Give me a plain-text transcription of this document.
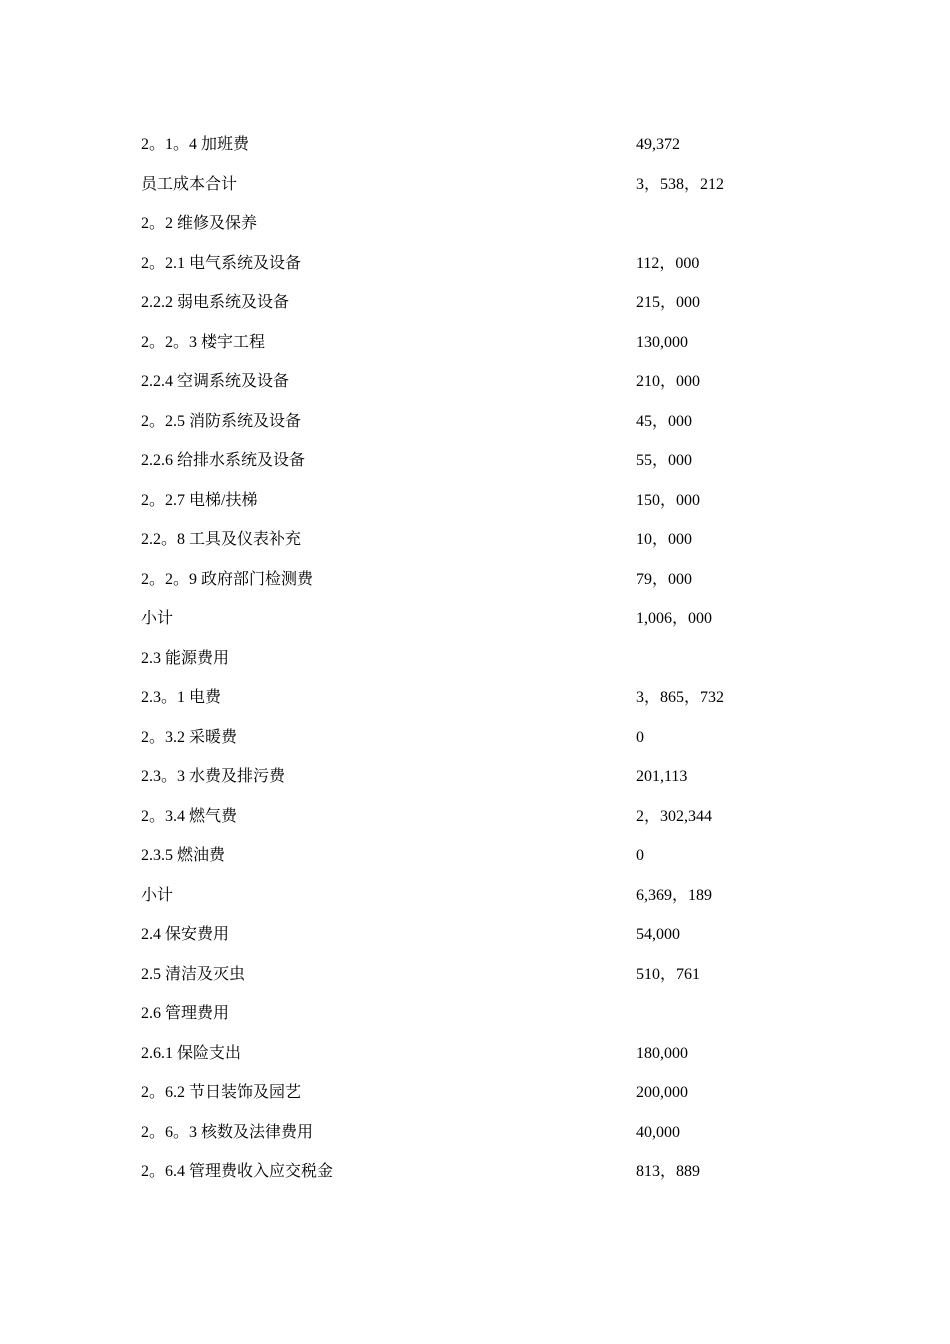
2。1。4 加班费	49,372
员工成本合计	3，538，212
2。2 维修及保养
2。2.1 电气系统及设备	112，000
2.2.2 弱电系统及设备	215，000
2。2。3 楼宇工程	130,000
2.2.4 空调系统及设备	210，000
2。2.5 消防系统及设备	45，000
2.2.6 给排水系统及设备	55，000
2。2.7 电梯/扶梯	150，000
2.2。8 工具及仪表补充	10，000
2。2。9 政府部门检测费	79，000
小计	1,006，000
2.3 能源费用
2.3。1 电费	3，865，732
2。3.2 采暖费	0
2.3。3 水费及排污费	201,113
2。3.4 燃气费	2，302,344
2.3.5 燃油费	0
小计	6,369，189
2.4 保安费用	54,000
2.5 清洁及灭虫	510，761
2.6 管理费用
2.6.1 保险支出	180,000
2。6.2 节日装饰及园艺	200,000
2。6。3 核数及法律费用	40,000
2。6.4 管理费收入应交税金	813，889
